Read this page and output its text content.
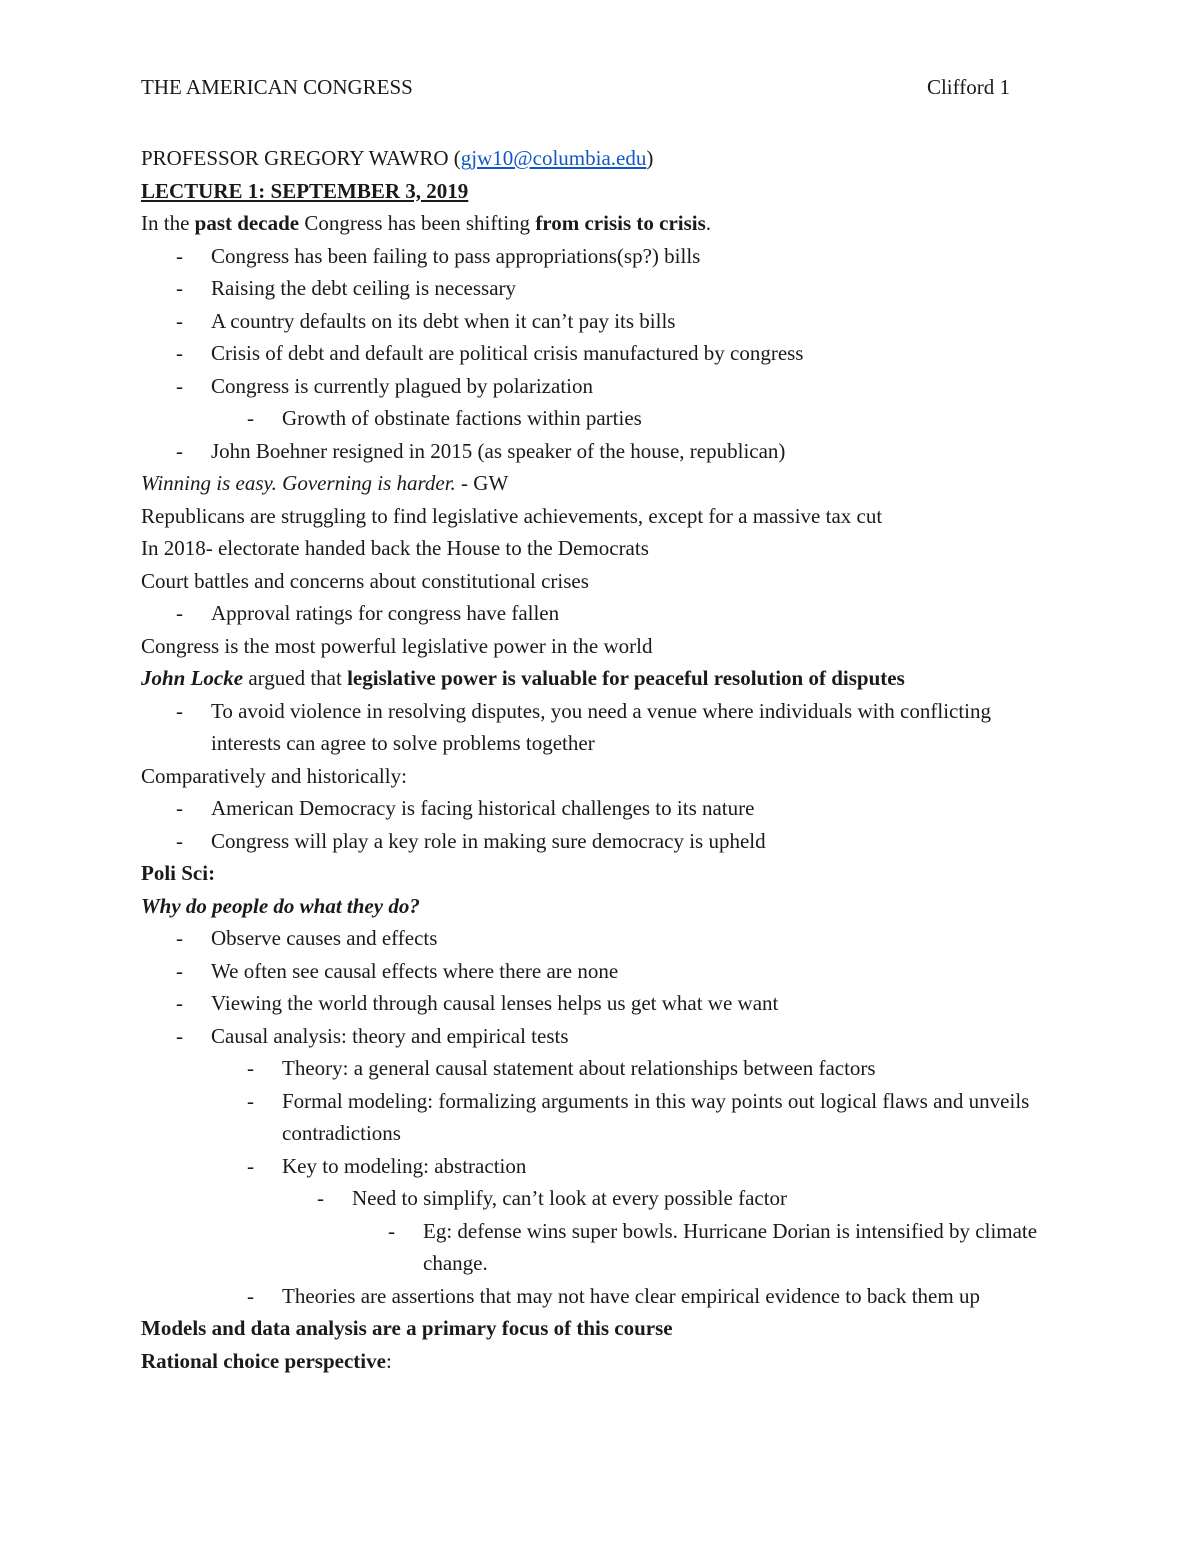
THE AMERICAN CONGRESS	Clifford 1
PROFESSOR GREGORY WAWRO (gjw10@columbia.edu)
LECTURE 1: SEPTEMBER 3, 2019
In the past decade Congress has been shifting from crisis to crisis.
- Congress has been failing to pass appropriations(sp?) bills
- Raising the debt ceiling is necessary
- A country defaults on its debt when it can’t pay its bills
- Crisis of debt and default are political crisis manufactured by congress
- Congress is currently plagued by polarization
- Growth of obstinate factions within parties
- John Boehner resigned in 2015 (as speaker of the house, republican)
Winning is easy. Governing is harder. - GW
Republicans are struggling to find legislative achievements, except for a massive tax cut
In 2018- electorate handed back the House to the Democrats
Court battles and concerns about constitutional crises
- Approval ratings for congress have fallen
Congress is the most powerful legislative power in the world
John Locke argued that legislative power is valuable for peaceful resolution of disputes
- To avoid violence in resolving disputes, you need a venue where individuals with conflicting interests can agree to solve problems together
Comparatively and historically:
- American Democracy is facing historical challenges to its nature
- Congress will play a key role in making sure democracy is upheld
Poli Sci:
Why do people do what they do?
- Observe causes and effects
- We often see causal effects where there are none
- Viewing the world through causal lenses helps us get what we want
- Causal analysis: theory and empirical tests
- Theory: a general causal statement about relationships between factors
- Formal modeling: formalizing arguments in this way points out logical flaws and unveils contradictions
- Key to modeling: abstraction
- Need to simplify, can’t look at every possible factor
- Eg: defense wins super bowls. Hurricane Dorian is intensified by climate change.
- Theories are assertions that may not have clear empirical evidence to back them up
Models and data analysis are a primary focus of this course
Rational choice perspective:
